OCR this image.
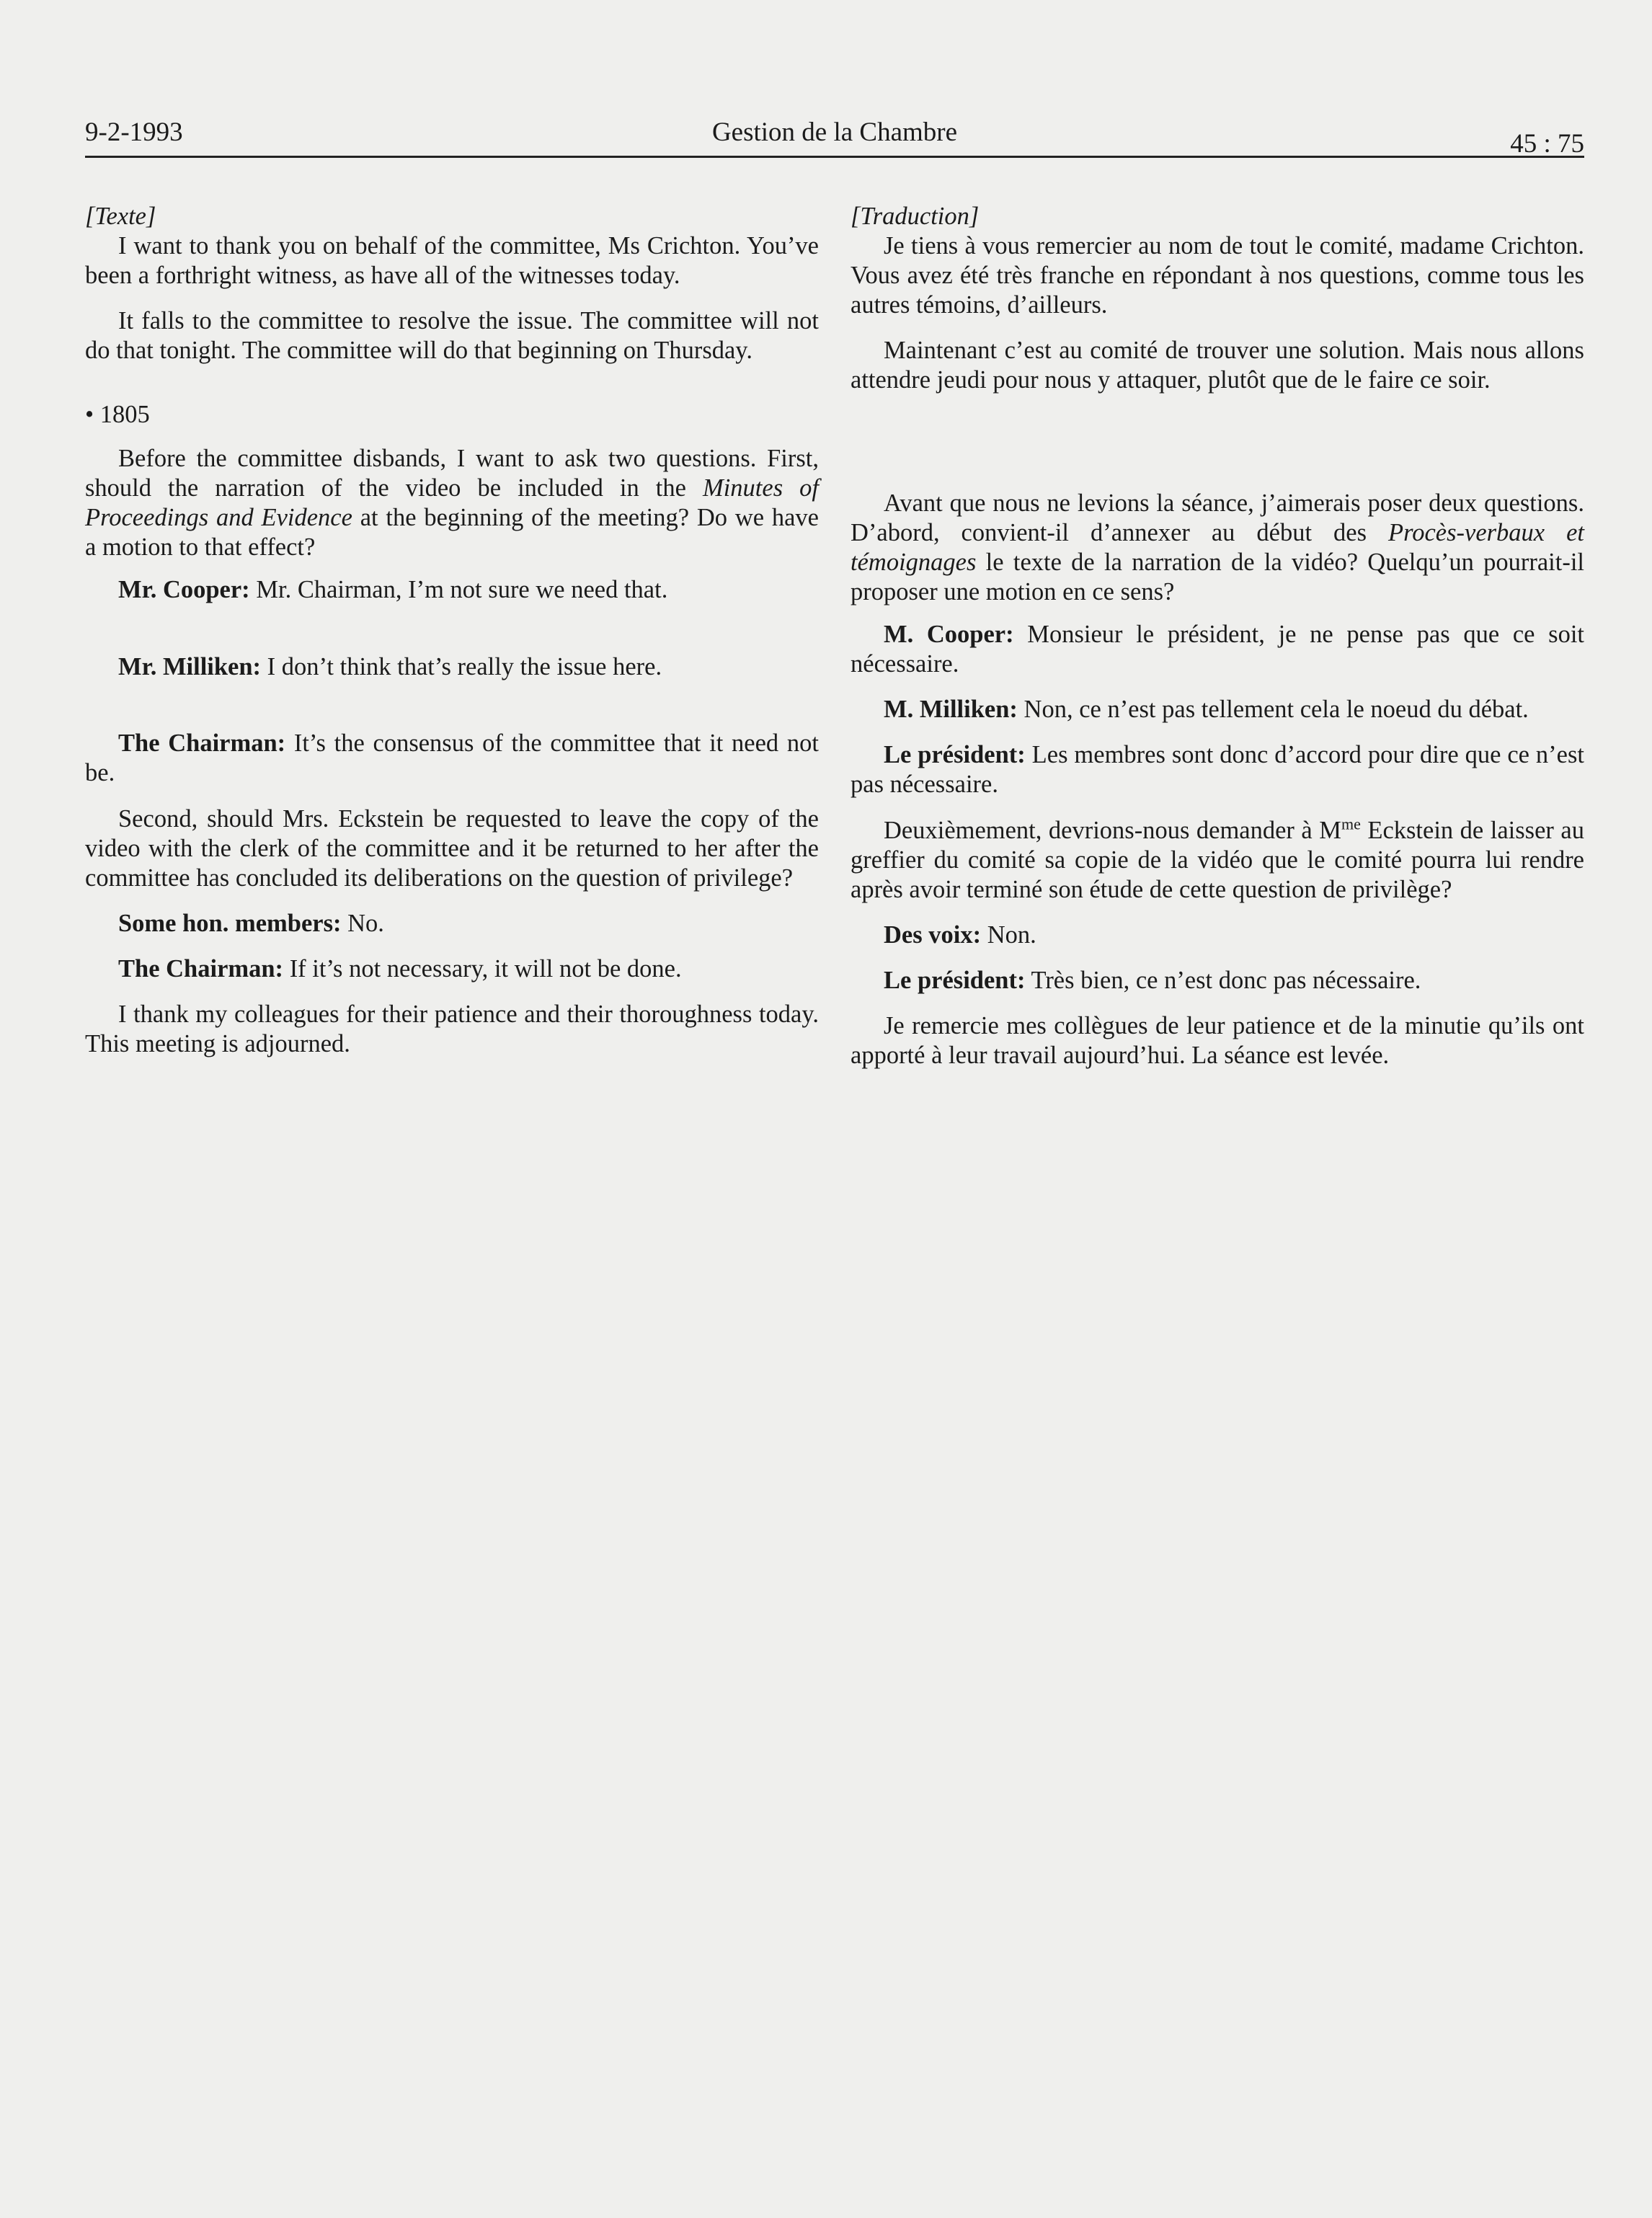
9-2-1993	Gestion de la Chambre	45 : 75

[Texte]

I want to thank you on behalf of the committee, Ms Crichton. You’ve been a forthright witness, as have all of the witnesses today.

It falls to the committee to resolve the issue. The committee will not do that tonight. The committee will do that beginning on Thursday.

• 1805

Before the committee disbands, I want to ask two questions. First, should the narration of the video be included in the Minutes of Proceedings and Evidence at the beginning of the meeting? Do we have a motion to that effect?

Mr. Cooper: Mr. Chairman, I’m not sure we need that.

Mr. Milliken: I don’t think that’s really the issue here.

The Chairman: It’s the consensus of the committee that it need not be.

Second, should Mrs. Eckstein be requested to leave the copy of the video with the clerk of the committee and it be returned to her after the committee has concluded its deliberations on the question of privilege?

Some hon. members: No.

The Chairman: If it’s not necessary, it will not be done.

I thank my colleagues for their patience and their thoroughness today. This meeting is adjourned.

[Traduction]

Je tiens à vous remercier au nom de tout le comité, madame Crichton. Vous avez été très franche en répondant à nos questions, comme tous les autres témoins, d’ailleurs.

Maintenant c’est au comité de trouver une solution. Mais nous allons attendre jeudi pour nous y attaquer, plutôt que de le faire ce soir.

Avant que nous ne levions la séance, j’aimerais poser deux questions. D’abord, convient-il d’annexer au début des Procès-verbaux et témoignages le texte de la narration de la vidéo? Quelqu’un pourrait-il proposer une motion en ce sens?

M. Cooper: Monsieur le président, je ne pense pas que ce soit nécessaire.

M. Milliken: Non, ce n’est pas tellement cela le noeud du débat.

Le président: Les membres sont donc d’accord pour dire que ce n’est pas nécessaire.

Deuxièmement, devrions-nous demander à $M^{me}$ Eckstein de laisser au greffier du comité sa copie de la vidéo que le comité pourra lui rendre après avoir terminé son étude de cette question de privilège?

Des voix: Non.

Le président: Très bien, ce n’est donc pas nécessaire.

Je remercie mes collègues de leur patience et de la minutie qu’ils ont apporté à leur travail aujourd’hui. La séance est levée.
